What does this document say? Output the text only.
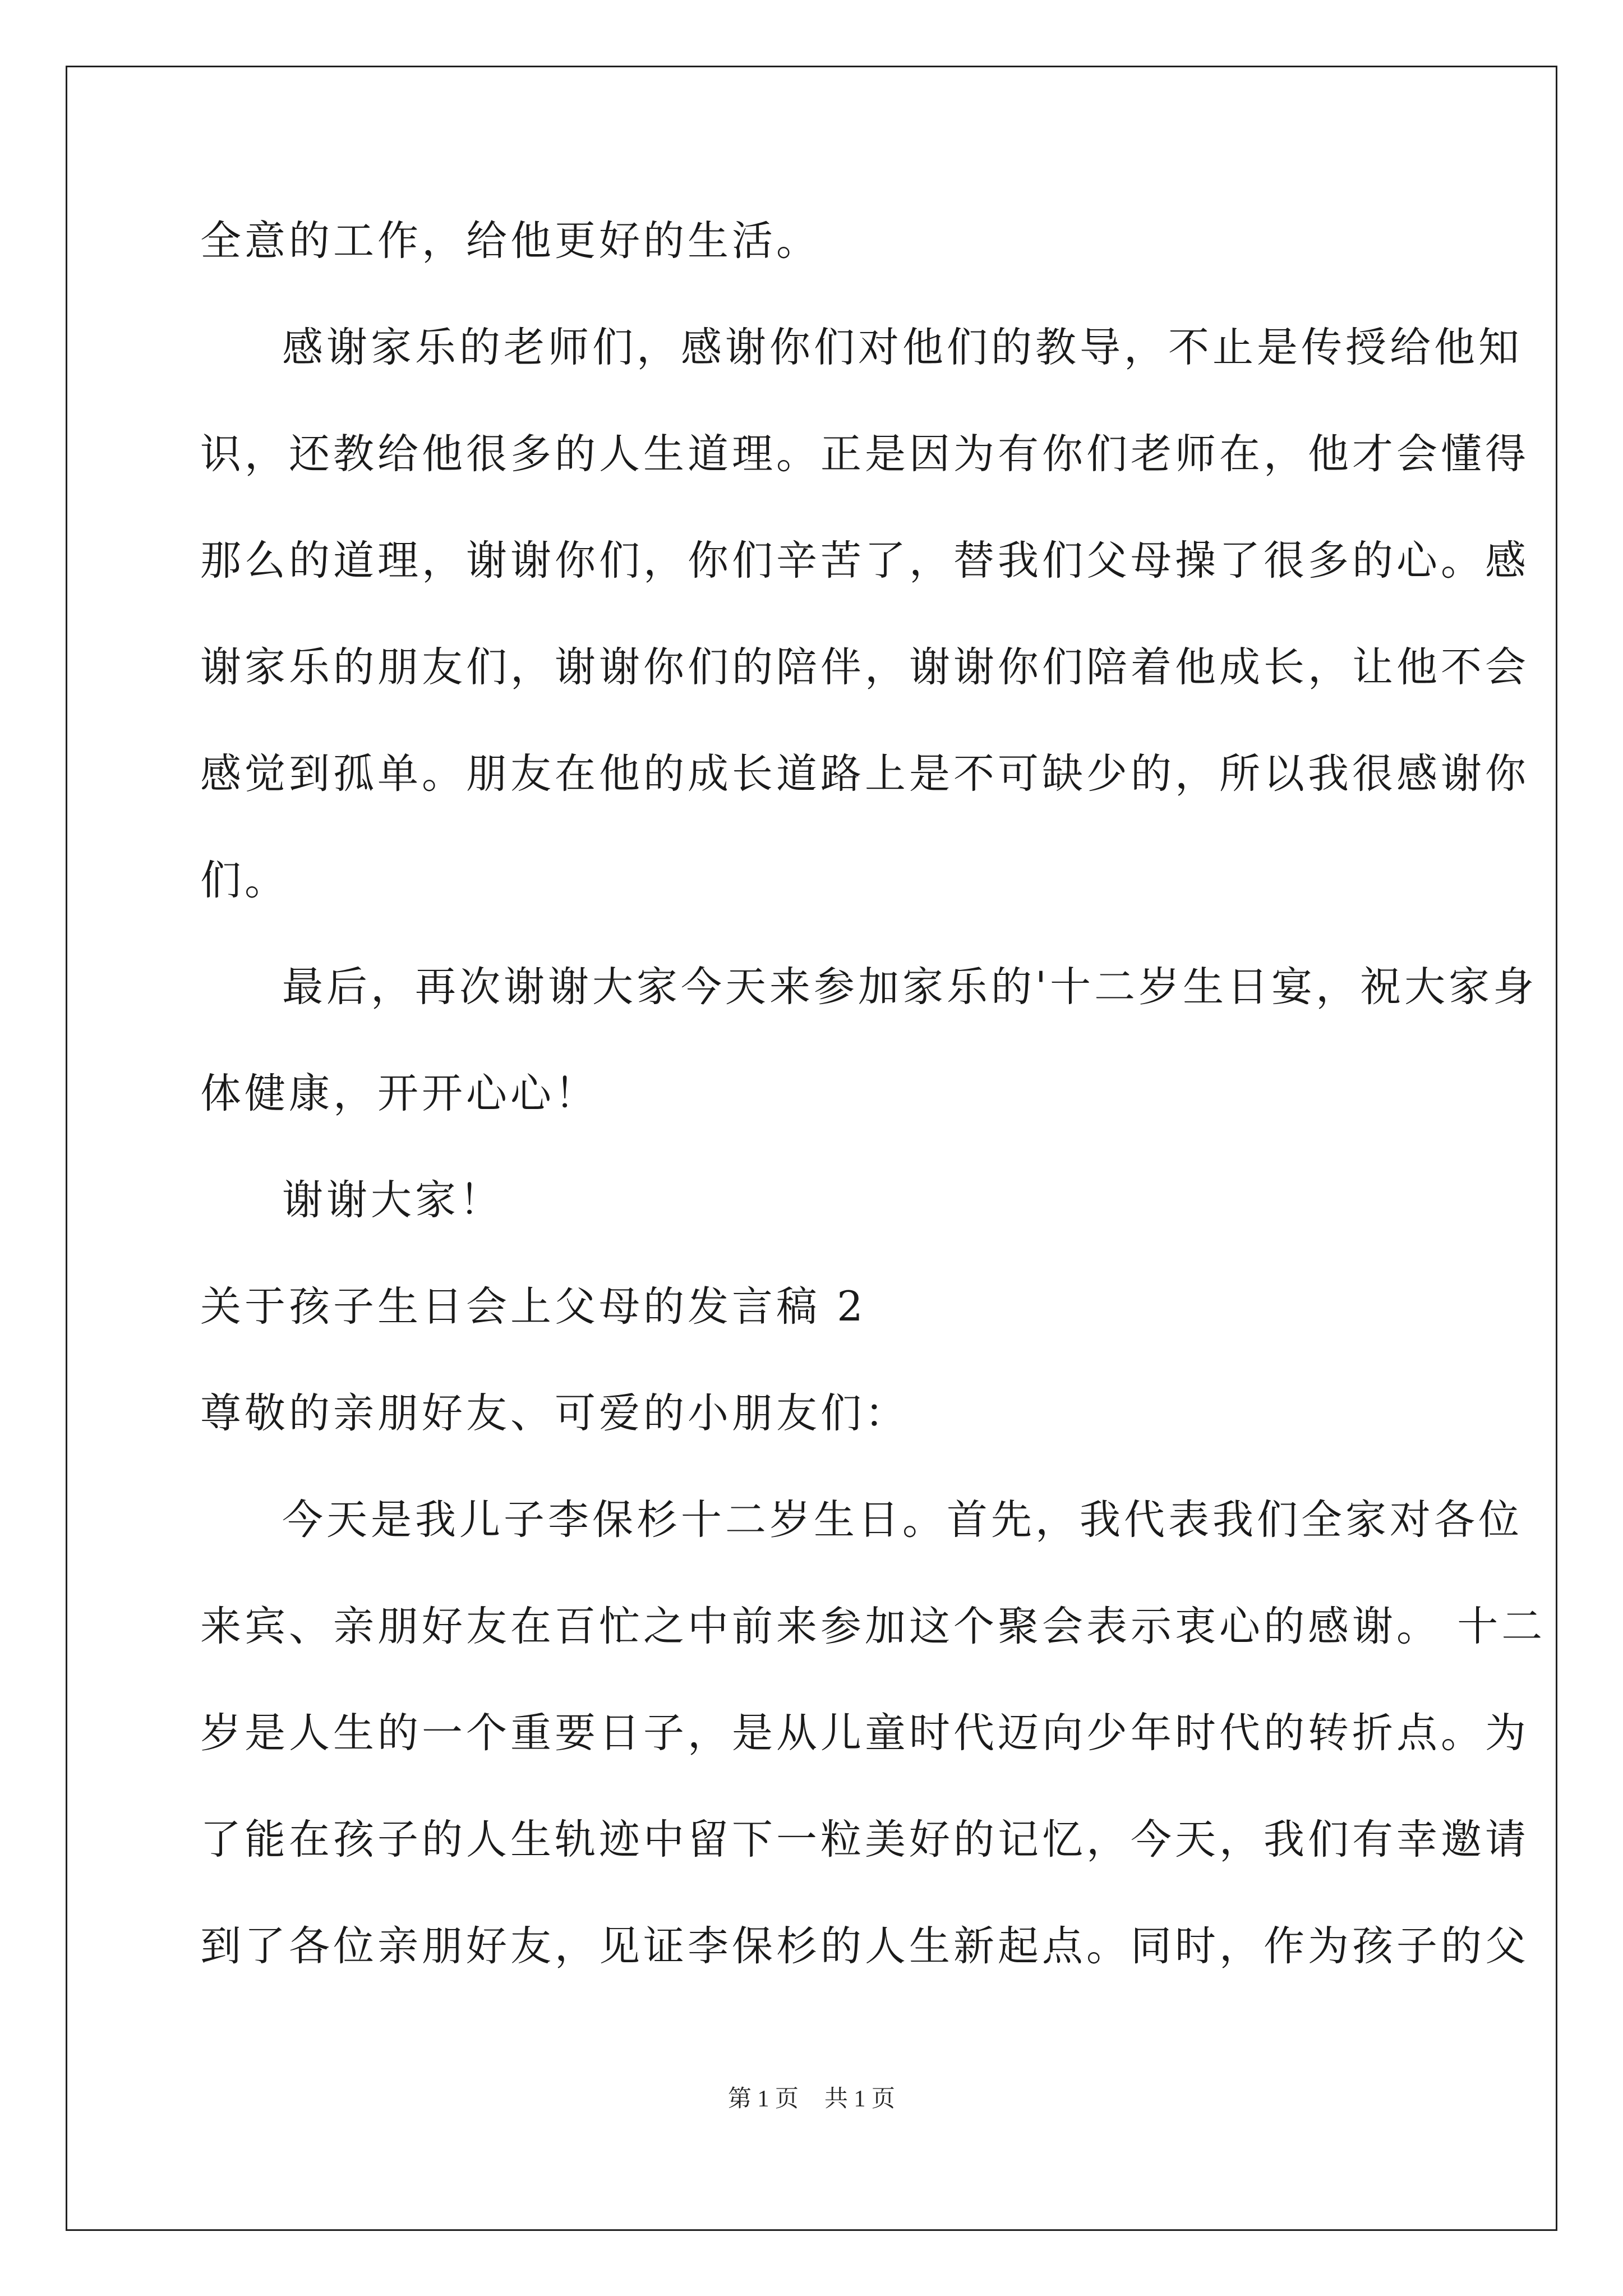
全意的工作，给他更好的生活。
感谢家乐的老师们，感谢你们对他们的教导，不止是传授给他知
识，还教给他很多的人生道理。正是因为有你们老师在，他才会懂得
那么的道理，谢谢你们，你们辛苦了，替我们父母操了很多的心。感
谢家乐的朋友们，谢谢你们的陪伴，谢谢你们陪着他成长，让他不会
感觉到孤单。朋友在他的成长道路上是不可缺少的，所以我很感谢你
们。
最后，再次谢谢大家今天来参加家乐的'十二岁生日宴，祝大家身
体健康，开开心心！
谢谢大家！
关于孩子生日会上父母的发言稿 2
尊敬的亲朋好友、可爱的小朋友们：
今天是我儿子李保杉十二岁生日。首先，我代表我们全家对各位
来宾、亲朋好友在百忙之中前来参加这个聚会表示衷心的感谢。 十二
岁是人生的一个重要日子，是从儿童时代迈向少年时代的转折点。为
了能在孩子的人生轨迹中留下一粒美好的记忆，今天，我们有幸邀请
到了各位亲朋好友，见证李保杉的人生新起点。同时，作为孩子的父
第 1 页 共 1 页
